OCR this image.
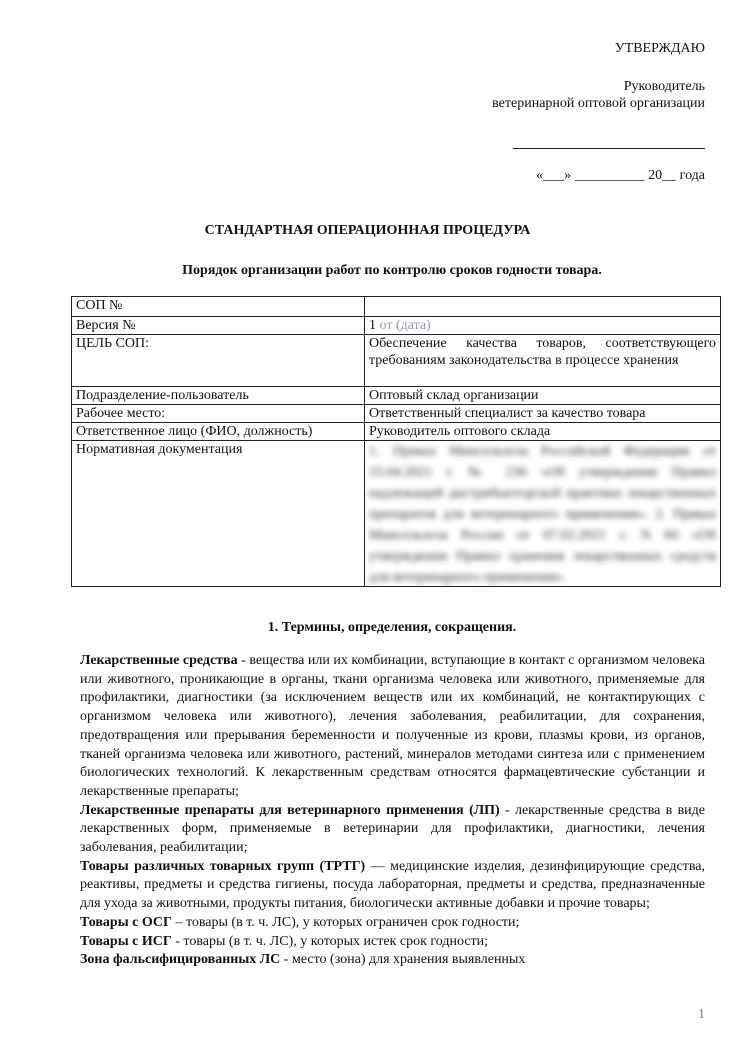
УТВЕРЖДАЮ
Руководитель
ветеринарной оптовой организации
«___» __________ 20__ года
СТАНДАРТНАЯ ОПЕРАЦИОННАЯ ПРОЦЕДУРА
Порядок организации работ по контролю сроков годности товара.
СОП №	
Версия №	1 от (дата)
ЦЕЛЬ СОП:	Обеспечение качества товаров, соответствующего требованиям законодательства в процессе хранения
Подразделение-пользователь	Оптовый склад организации
Рабочее место:	Ответственный специалист за качество товара
Ответственное лицо (ФИО, должность)	Руководитель оптового склада
Нормативная документация	1. Приказ Минсельхоза Российской Федерации от 15.04.2021 г. № 236 «Об утверждении Правил надлежащей дистрибьюторской практики лекарственных препаратов для ветеринарного применения». 2. Приказ Минсельхоза России от 07.02.2021 г. N 60 «Об утверждении Правил хранения лекарственных средств для ветеринарного применения».
1. Термины, определения, сокращения.

Лекарственные средства - вещества или их комбинации, вступающие в контакт с организмом человека или животного, проникающие в органы, ткани организма человека или животного, применяемые для профилактики, диагностики (за исключением веществ или их комбинаций, не контактирующих с организмом человека или животного), лечения заболевания, реабилитации, для сохранения, предотвращения или прерывания беременности и полученные из крови, плазмы крови, из органов, тканей организма человека или животного, растений, минералов методами синтеза или с применением биологических технологий. К лекарственным средствам относятся фармацевтические субстанции и лекарственные препараты;

Лекарственные препараты для ветеринарного применения (ЛП) - лекарственные средства в виде лекарственных форм, применяемые в ветеринарии для профилактики, диагностики, лечения заболевания, реабилитации;

Товары различных товарных групп (ТРТГ) — медицинские изделия, дезинфицирующие средства, реактивы, предметы и средства гигиены, посуда лабораторная, предметы и средства, предназначенные для ухода за животными, продукты питания, биологически активные добавки и прочие товары;

Товары с ОСГ – товары (в т. ч. ЛС), у которых ограничен срок годности;

Товары с ИСГ - товары (в т. ч. ЛС), у которых истек срок годности;

Зона фальсифицированных ЛС - место (зона) для хранения выявленных

1
